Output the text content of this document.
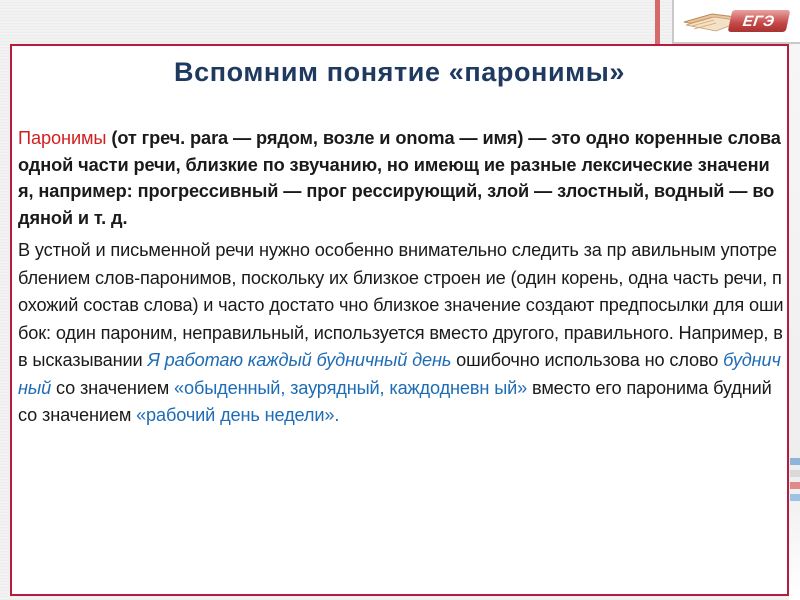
ЕГЭ
Вспомним понятие «паронимы»

Паронимы (от греч. para — рядом, возле и onoma — имя) — это одно коренные слова одной части речи, близкие по звучанию, но имеющ ие разные лексические значения, например: прогрессивный — прог рессирующий, злой — злостный, водный — водяной и т. д.

В устной и письменной речи нужно особенно внимательно следить за пр авильным употреблением слов-паронимов, поскольку их близкое строен ие (один корень, одна часть речи, похожий состав слова) и часто достато чно близкое значение создают предпосылки для ошибок: один пароним, неправильный, используется вместо другого, правильного. Например, в в ысказывании Я работаю каждый будничный день ошибочно использова но слово будничный со значением «обыденный, заурядный, каждодневн ый» вместо его паронима будний со значением «рабочий день недели».
